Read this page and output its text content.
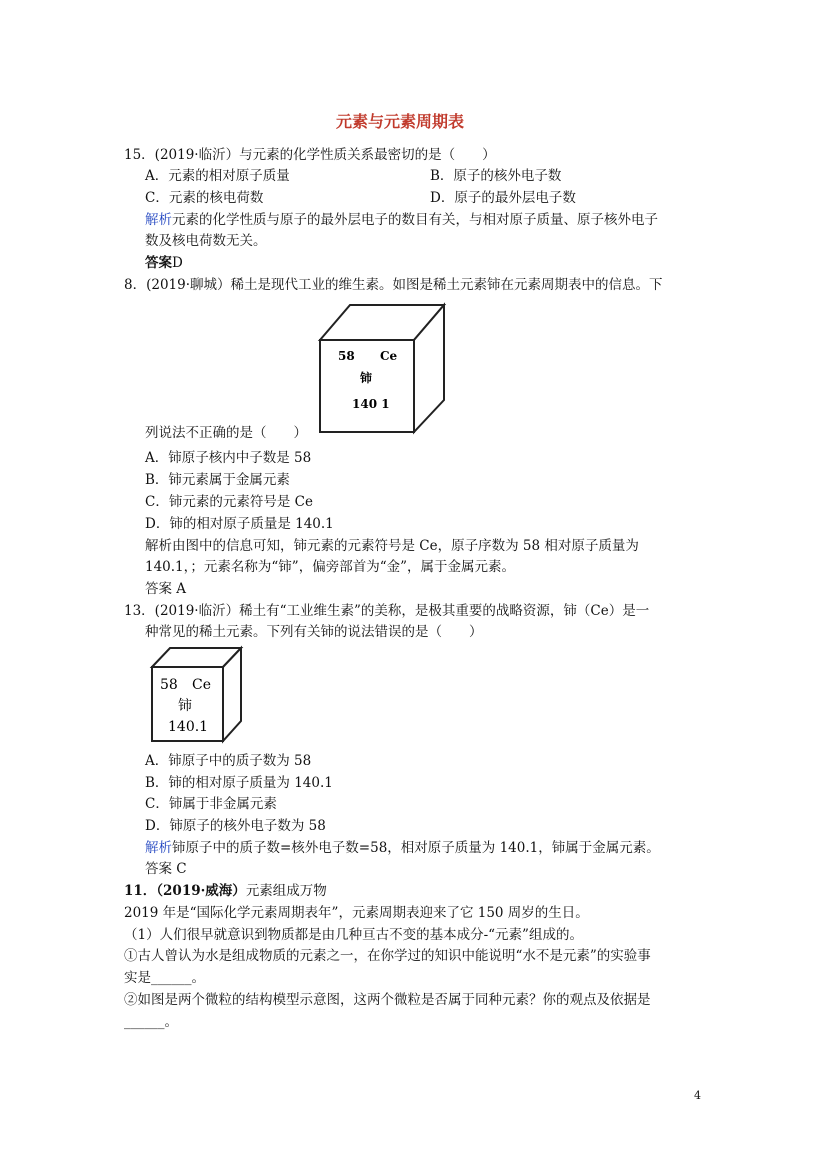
元素与元素周期表
15．(2019·临沂）与元素的化学性质关系最密切的是（　　）
A．元素的相对原子质量	B．原子的核外电子数
C．元素的核电荷数	D．原子的最外层电子数
解析元素的化学性质与原子的最外层电子的数目有关，与相对原子质量、原子核外电子
数及核电荷数无关。
答案D
8．(2019·聊城）稀土是现代工业的维生素。如图是稀土元素铈在元素周期表中的信息。下
58 Ce
铈
140 1
列说法不正确的是（　　）
A．铈原子核内中子数是 58
B．铈元素属于金属元素
C．铈元素的元素符号是 Ce
D．铈的相对原子质量是 140.1
解析由图中的信息可知，铈元素的元素符号是 Ce，原子序数为 58 相对原子质量为
140.1，；元素名称为“铈”，偏旁部首为“金”，属于金属元素。
答案 A
13．(2019·临沂）稀土有“工业维生素”的美称，是极其重要的战略资源，铈（Ce）是一
种常见的稀土元素。下列有关铈的说法错误的是（　　）
58 Ce
铈
140.1
A．铈原子中的质子数为 58
B．铈的相对原子质量为 140.1
C．铈属于非金属元素
D．铈原子的核外电子数为 58
解析铈原子中的质子数=核外电子数=58，相对原子质量为 140.1，铈属于金属元素。
答案 C
11．（2019·威海）元素组成万物
2019 年是“国际化学元素周期表年”，元素周期表迎来了它 150 周岁的生日。
（1）人们很早就意识到物质都是由几种亘古不变的基本成分-“元素”组成的。
①古人曾认为水是组成物质的元素之一，在你学过的知识中能说明“水不是元素”的实验事
实是______。
②如图是两个微粒的结构模型示意图，这两个微粒是否属于同种元素？你的观点及依据是
______。
4
